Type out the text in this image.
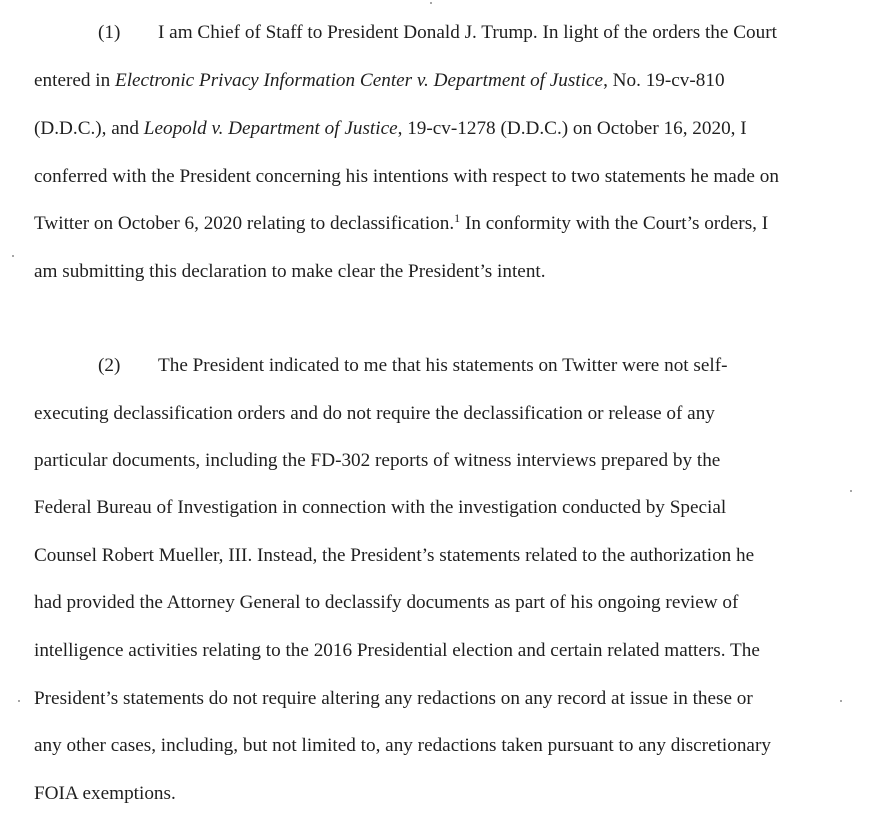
(1) I am Chief of Staff to President Donald J. Trump. In light of the orders the Court
entered in Electronic Privacy Information Center v. Department of Justice, No. 19-cv-810
(D.D.C.), and Leopold v. Department of Justice, 19-cv-1278 (D.D.C.) on October 16, 2020, I
conferred with the President concerning his intentions with respect to two statements he made on
Twitter on October 6, 2020 relating to declassification.$^1$ In conformity with the Court’s orders, I
am submitting this declaration to make clear the President’s intent.
(2) The President indicated to me that his statements on Twitter were not self-
executing declassification orders and do not require the declassification or release of any
particular documents, including the FD-302 reports of witness interviews prepared by the
Federal Bureau of Investigation in connection with the investigation conducted by Special
Counsel Robert Mueller, III. Instead, the President’s statements related to the authorization he
had provided the Attorney General to declassify documents as part of his ongoing review of
intelligence activities relating to the 2016 Presidential election and certain related matters. The
President’s statements do not require altering any redactions on any record at issue in these or
any other cases, including, but not limited to, any redactions taken pursuant to any discretionary
FOIA exemptions.
